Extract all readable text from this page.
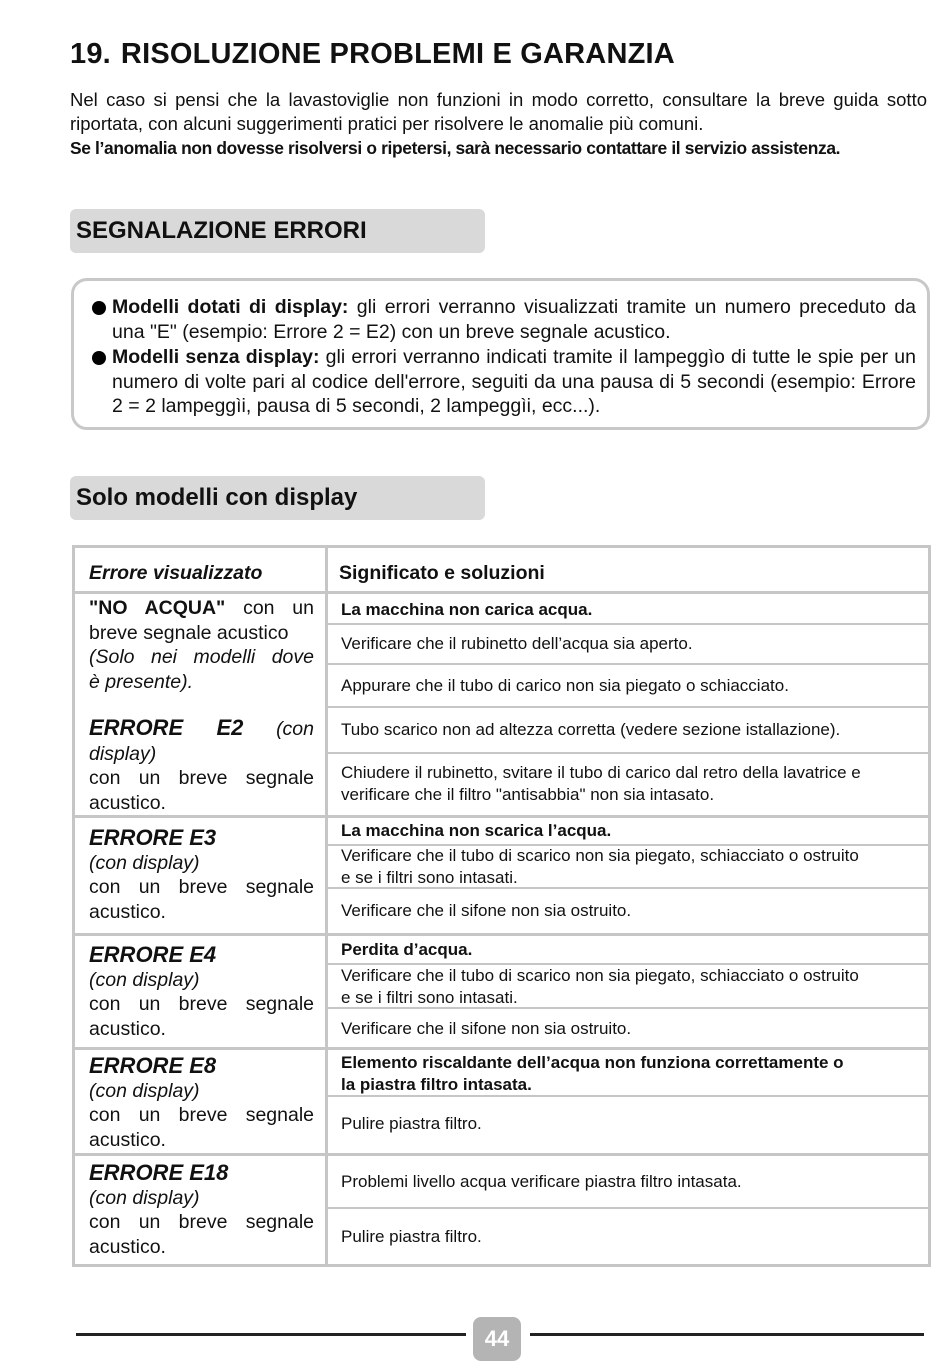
19. RISOLUZIONE PROBLEMI E GARANZIA
Nel caso si pensi che la lavastoviglie non funzioni in modo corretto, consultare la breve guida sotto riportata, con alcuni suggerimenti pratici per risolvere le anomalie più comuni.
Se l’anomalia non dovesse risolversi o ripetersi, sarà necessario contattare il servizio assistenza.
SEGNALAZIONE ERRORI
Modelli dotati di display: gli errori verranno visualizzati tramite un numero preceduto da una "E" (esempio: Errore 2 = E2) con un breve segnale acustico.
Modelli senza display: gli errori verranno indicati tramite il lampeggìo di tutte le spie per un numero di volte pari al codice dell'errore, seguiti da una pausa di 5 secondi (esempio: Errore 2 = 2 lampeggìi, pausa di 5 secondi, 2 lampeggìi, ecc...).
Solo modelli con display
Errore visualizzato	Significato e soluzioni
"NO ACQUA" con un
breve segnale acustico
(Solo nei modelli dove
è presente).
ERRORE E2 (con
display)
con un breve segnale
acustico.
ERRORE E3
(con display)
con un breve segnale
acustico.
ERRORE E4
(con display)
con un breve segnale
acustico.
ERRORE E8
(con display)
con un breve segnale
acustico.
ERRORE E18
(con display)
con un breve segnale
acustico.
La macchina non carica acqua.
Verificare che il rubinetto dell’acqua sia aperto.
Appurare che il tubo di carico non sia piegato o schiacciato.
Tubo scarico non ad altezza corretta (vedere sezione istallazione).
Chiudere il rubinetto, svitare il tubo di carico dal retro della lavatrice e
verificare che il filtro "antisabbia" non sia intasato.
La macchina non scarica l’acqua.
Verificare che il tubo di scarico non sia piegato, schiacciato o ostruito
e se i filtri sono intasati.
Verificare che il sifone non sia ostruito.
Perdita d’acqua.
Verificare che il tubo di scarico non sia piegato, schiacciato o ostruito
e se i filtri sono intasati.
Verificare che il sifone non sia ostruito.
Elemento riscaldante dell’acqua non funziona correttamente o
la piastra filtro intasata.
Pulire piastra filtro.
Problemi livello acqua verificare piastra filtro intasata.
Pulire piastra filtro.
44
